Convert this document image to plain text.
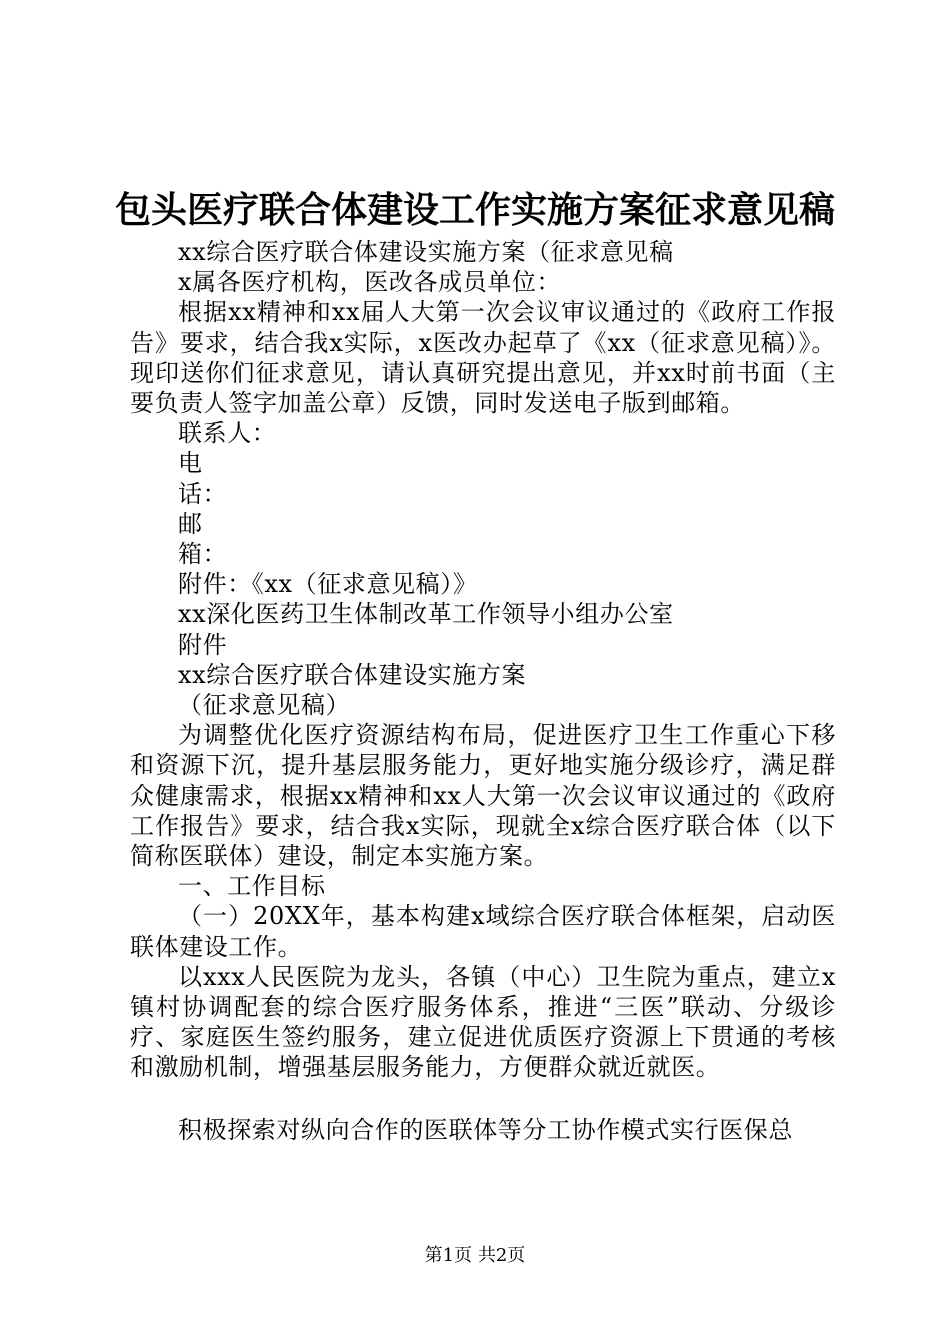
包头医疗联合体建设工作实施方案征求意见稿

xx综合医疗联合体建设实施方案（征求意见稿

x属各医疗机构，医改各成员单位：

根据xx精神和xx届人大第一次会议审议通过的《政府工作报告》要求，结合我x实际，x医改办起草了《xx（征求意见稿）》。现印送你们征求意见，请认真研究提出意见，并xx时前书面（主要负责人签字加盖公章）反馈，同时发送电子版到邮箱。

联系人：

电

话：

邮

箱：

附件：《xx（征求意见稿）》

xx深化医药卫生体制改革工作领导小组办公室

附件

xx综合医疗联合体建设实施方案

（征求意见稿）

为调整优化医疗资源结构布局，促进医疗卫生工作重心下移和资源下沉，提升基层服务能力，更好地实施分级诊疗，满足群众健康需求，根据xx精神和xx人大第一次会议审议通过的《政府工作报告》要求，结合我x实际，现就全x综合医疗联合体（以下简称医联体）建设，制定本实施方案。

一、工作目标

（一）20XX年，基本构建x域综合医疗联合体框架，启动医联体建设工作。

以xxx人民医院为龙头，各镇（中心）卫生院为重点，建立x镇村协调配套的综合医疗服务体系，推进“三医”联动、分级诊疗、家庭医生签约服务，建立促进优质医疗资源上下贯通的考核和激励机制，增强基层服务能力，方便群众就近就医。

积极探索对纵向合作的医联体等分工协作模式实行医保总

第1页 共2页
